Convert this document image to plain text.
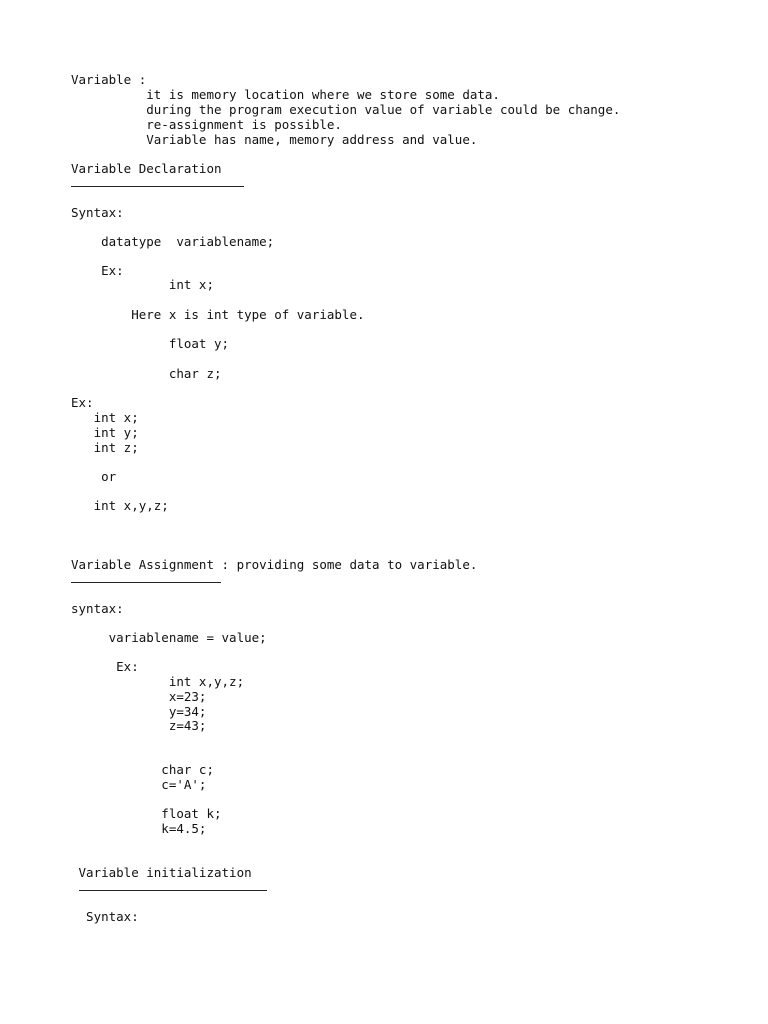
Variable :
it is memory location where we store some data.
during the program execution value of variable could be change.
re-assignment is possible.
Variable has name, memory address and value.
Variable Declaration
Syntax:
datatype  variablename;
Ex:
int x;
Here x is int type of variable.
float y;
char z;
Ex:
int x;
int y;
int z;
or
int x,y,z;
Variable Assignment : providing some data to variable.
syntax:
variablename = value;
Ex:
int x,y,z;
x=23;
y=34;
z=43;
char c;
c='A';
float k;
k=4.5;
Variable initialization
Syntax:
